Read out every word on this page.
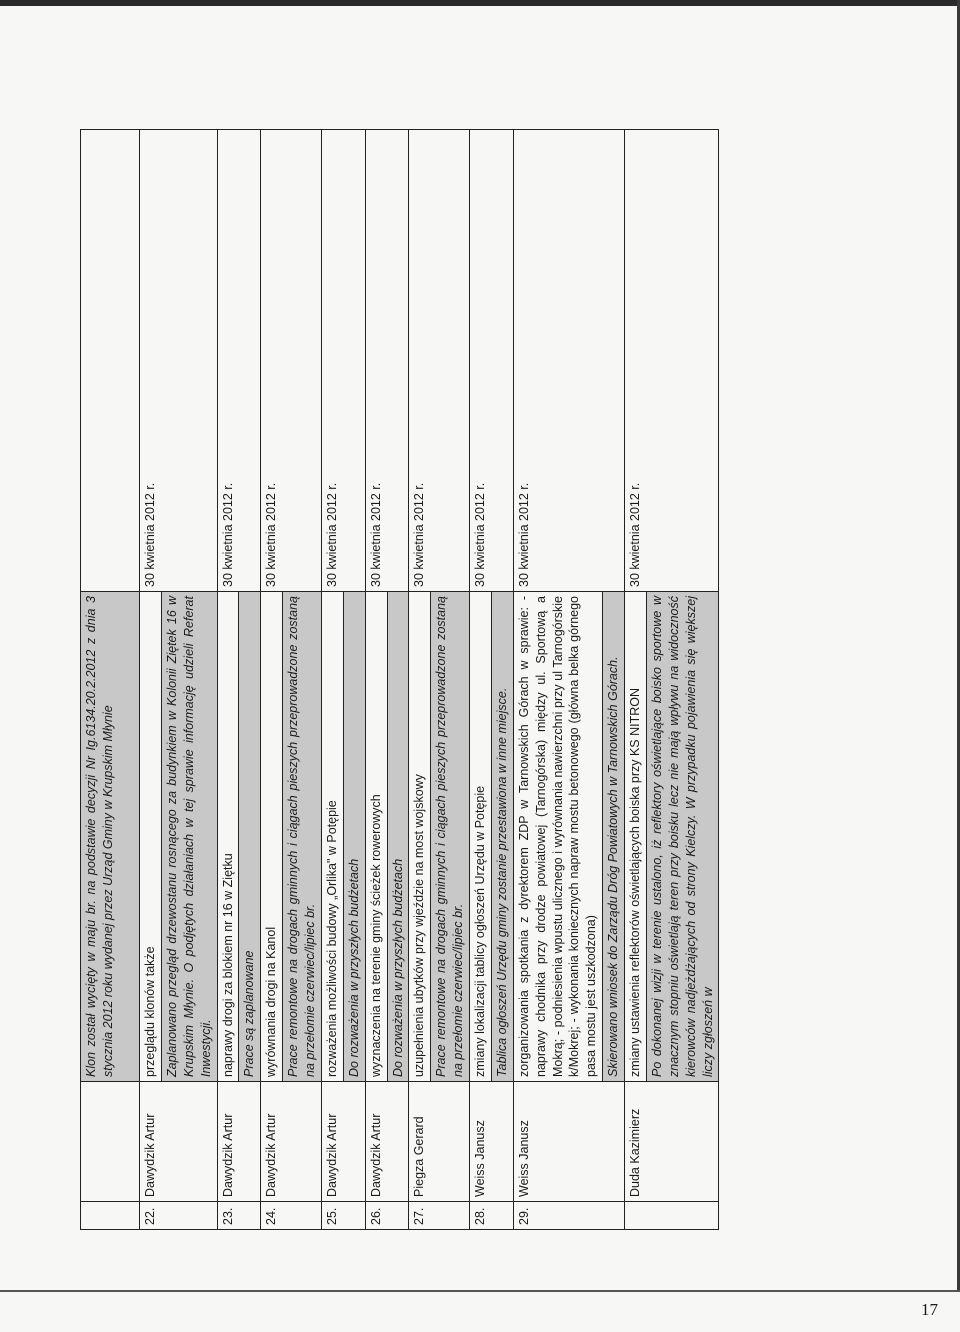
		Klon został wycięty w maju br. na podstawie decyzji Nr Ig.6134.20.2.2012 z dnia 3 stycznia 2012 roku wydanej przez Urząd Gminy w Krupskim Młynie	
22.	Dawydzik Artur	przeglądu klonów także	30 kwietnia 2012 r.
		Zaplanowano przegląd drzewostanu rosnącego za budynkiem w Kolonii Ziętek 16 w Krupskim Młynie. O podjętych działaniach w tej sprawie informację udzieli Referat Inwestycji.	
23.	Dawydzik Artur	naprawy drogi za blokiem nr 16 w Ziętku	30 kwietnia 2012 r.
		Prace są zaplanowane	
24.	Dawydzik Artur	wyrównania drogi na Kanol	30 kwietnia 2012 r.
		Prace remontowe na drogach gminnych i ciągach pieszych przeprowadzone zostaną na przełomie czerwiec/lipiec br.	
25.	Dawydzik Artur	rozważenia możliwości budowy „Orlika" w Potępie	30 kwietnia 2012 r.
		Do rozważenia w przyszłych budżetach	
26.	Dawydzik Artur	wyznaczenia na terenie gminy ścieżek rowerowych	30 kwietnia 2012 r.
		Do rozważenia w przyszłych budżetach	
27.	Piegza Gerard	uzupełnienia ubytków przy wjeździe na most wojskowy	30 kwietnia 2012 r.
		Prace remontowe na drogach gminnych i ciągach pieszych przeprowadzone zostaną na przełomie czerwiec/lipiec br.	
28.	Weiss Janusz	zmiany lokalizacji tablicy ogłoszeń Urzędu w Potępie	30 kwietnia 2012 r.
		Tablica ogłoszeń Urzędu gminy zostanie przestawiona w inne miejsce.	
29.	Weiss Janusz	zorganizowania spotkania z dyrektorem ZDP w Tarnowskich Górach w sprawie: - naprawy chodnika przy drodze powiatowej (Tarnogórska) między ul. Sportową a Mokrą; - podniesienia wpustu ulicznego i wyrównania nawierzchni przy ul Tarnogórskie k/Mokrej; - wykonania koniecznych napraw mostu betonowego (główna belka górnego pasa mostu jest uszkodzona)	30 kwietnia 2012 r.
		Skierowano wniosek do Zarządu Dróg Powiatowych w Tarnowskich Górach.	
	Duda Kazimierz	zmiany ustawienia reflektorów oświetlających boiska przy KS NITRON	30 kwietnia 2012 r.
		Po dokonanej wizji w terenie ustalono, iż reflektory oświetlające boisko sportowe w znacznym stopniu oświetlają teren przy boisku lecz nie mają wpływu na widoczność kierowców nadjeżdżających od strony Kielczy. W przypadku pojawienia się większej liczy zgłoszeń w	
17
